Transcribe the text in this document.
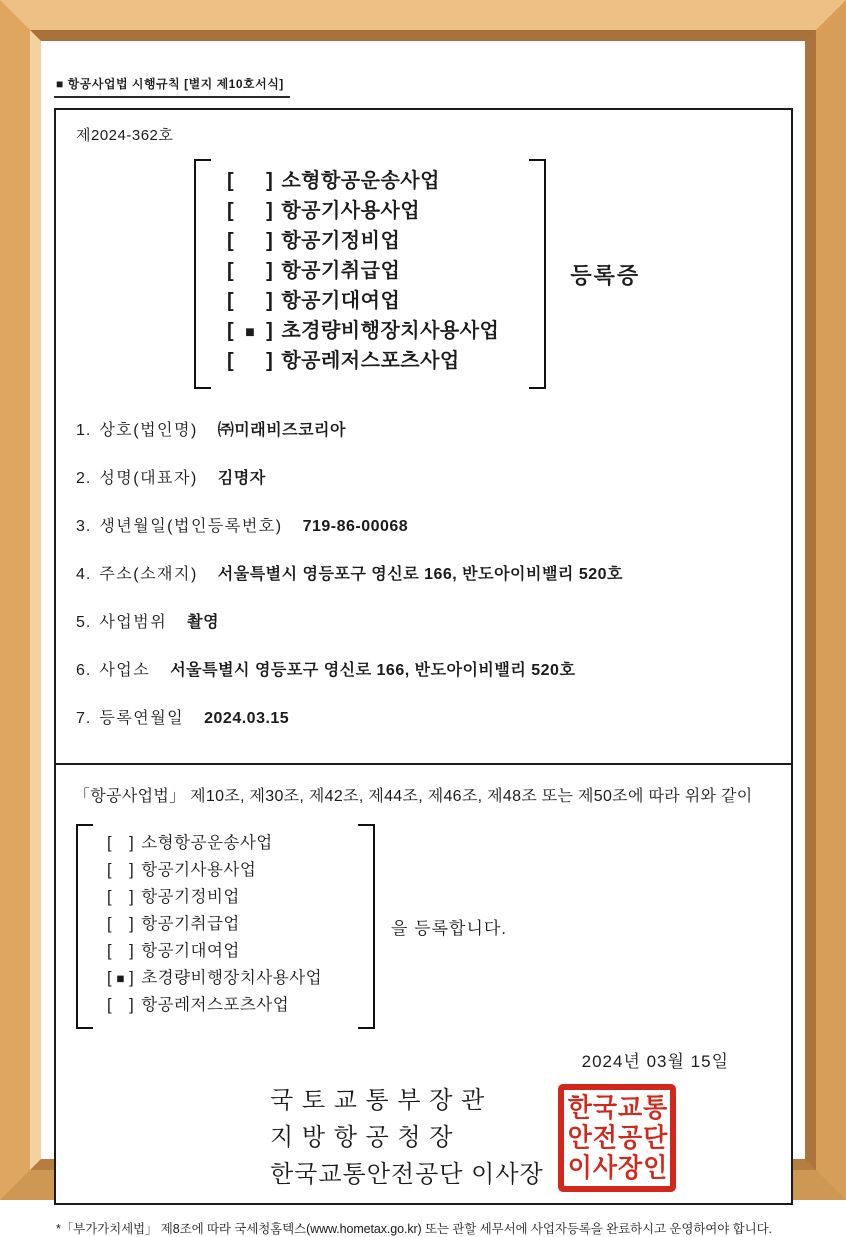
■ 항공사업법 시행규칙 [별지 제10호서식]
제2024-362호
[ ] 소형항공운송사업
[ ] 항공기사용사업
[ ] 항공기정비업
[ ] 항공기취급업
[ ] 항공기대여업
[ ■ ] 초경량비행장치사용사업
[ ] 항공레저스포츠사업
등록증
1. 상호(법인명) ㈜미래비즈코리아
2. 성명(대표자) 김명자
3. 생년월일(법인등록번호) 719-86-00068
4. 주소(소재지) 서울특별시 영등포구 영신로 166, 반도아이비밸리 520호
5. 사업범위 촬영
6. 사업소 서울특별시 영등포구 영신로 166, 반도아이비밸리 520호
7. 등록연월일 2024.03.15
「항공사업법」 제10조, 제30조, 제42조, 제44조, 제46조, 제48조 또는 제50조에 따라 위와 같이
[ ] 소형항공운송사업
[ ] 항공기사용사업
[ ] 항공기정비업
[ ] 항공기취급업
[ ] 항공기대여업
[ ■ ] 초경량비행장치사용사업
[ ] 항공레저스포츠사업
을 등록합니다.
2024년 03월 15일
국 토 교 통 부 장 관
지 방 항 공 청 장
한국교통안전공단 이사장
한국교통
안전공단
이사장인
*「부가가치세법」 제8조에 따라 국세청홈텍스(www.hometax.go.kr) 또는 관할 세무서에 사업자등록을 완료하시고 운영하여야 합니다.
